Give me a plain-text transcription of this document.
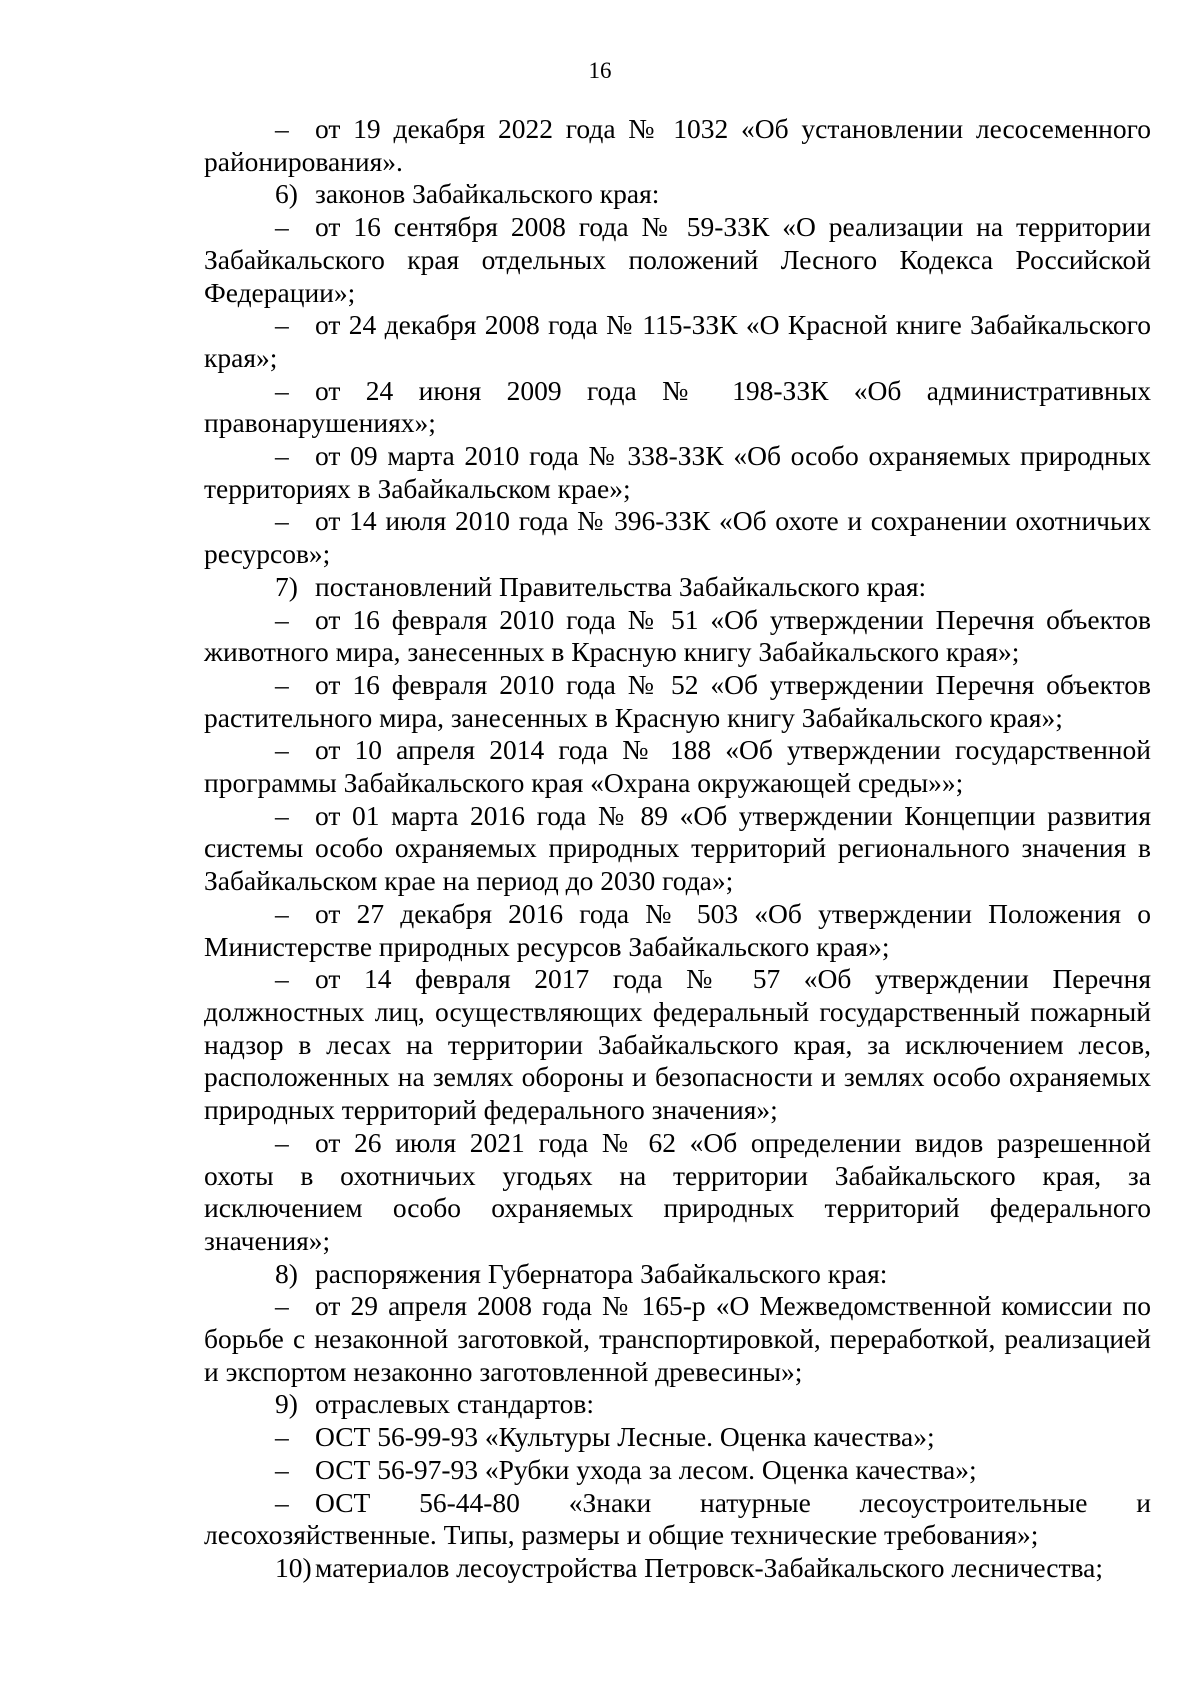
16

– от 19 декабря 2022 года № 1032 «Об установлении лесосеменного районирования».

6) законов Забайкальского края:

– от 16 сентября 2008 года № 59-ЗЗК «О реализации на территории Забайкальского края отдельных положений Лесного Кодекса Российской Федерации»;

– от 24 декабря 2008 года № 115-ЗЗК «О Красной книге Забайкальского края»;

– от 24 июня 2009 года № 198-ЗЗК «Об административных правонарушениях»;

– от 09 марта 2010 года № 338-ЗЗК «Об особо охраняемых природных территориях в Забайкальском крае»;

– от 14 июля 2010 года № 396-ЗЗК «Об охоте и сохранении охотничьих ресурсов»;

7) постановлений Правительства Забайкальского края:

– от 16 февраля 2010 года № 51 «Об утверждении Перечня объектов животного мира, занесенных в Красную книгу Забайкальского края»;

– от 16 февраля 2010 года № 52 «Об утверждении Перечня объектов растительного мира, занесенных в Красную книгу Забайкальского края»;

– от 10 апреля 2014 года № 188 «Об утверждении государственной программы Забайкальского края «Охрана окружающей среды»»;

– от 01 марта 2016 года № 89 «Об утверждении Концепции развития системы особо охраняемых природных территорий регионального значения в Забайкальском крае на период до 2030 года»;

– от 27 декабря 2016 года № 503 «Об утверждении Положения о Министерстве природных ресурсов Забайкальского края»;

– от 14 февраля 2017 года № 57 «Об утверждении Перечня должностных лиц, осуществляющих федеральный государственный пожарный надзор в лесах на территории Забайкальского края, за исключением лесов, расположенных на землях обороны и безопасности и землях особо охраняемых природных территорий федерального значения»;

– от 26 июля 2021 года № 62 «Об определении видов разрешенной охоты в охотничьих угодьях на территории Забайкальского края, за исключением особо охраняемых природных территорий федерального значения»;

8) распоряжения Губернатора Забайкальского края:

– от 29 апреля 2008 года № 165-р «О Межведомственной комиссии по борьбе с незаконной заготовкой, транспортировкой, переработкой, реализацией и экспортом незаконно заготовленной древесины»;

9) отраслевых стандартов:

– ОСТ 56-99-93 «Культуры Лесные. Оценка качества»;

– ОСТ 56-97-93 «Рубки ухода за лесом. Оценка качества»;

– ОСТ 56-44-80 «Знаки натурные лесоустроительные и лесохозяйственные. Типы, размеры и общие технические требования»;

10) материалов лесоустройства Петровск-Забайкальского лесничества;
